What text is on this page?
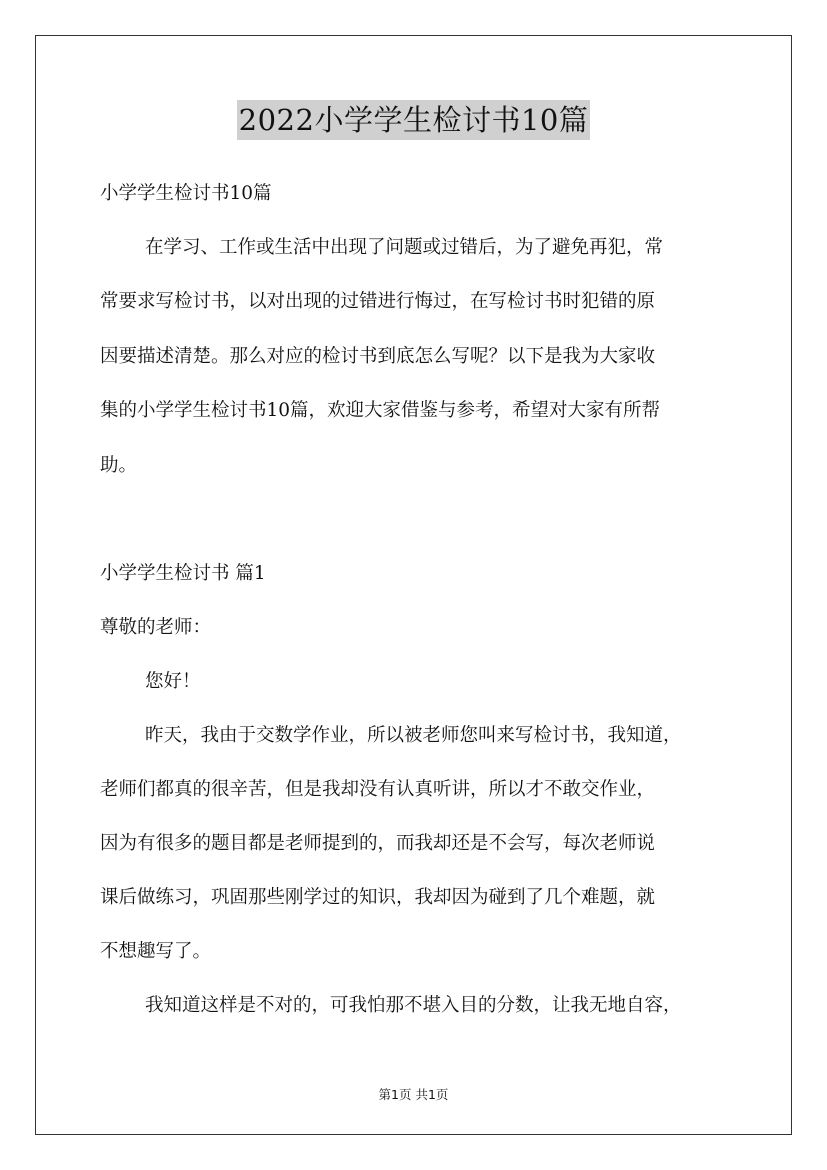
2022小学学生检讨书10篇
小学学生检讨书10篇
在学习、工作或生活中出现了问题或过错后，为了避免再犯，常
常要求写检讨书，以对出现的过错进行悔过，在写检讨书时犯错的原
因要描述清楚。那么对应的检讨书到底怎么写呢？以下是我为大家收
集的小学学生检讨书10篇，欢迎大家借鉴与参考，希望对大家有所帮
助。
小学学生检讨书 篇1
尊敬的老师：
您好！
昨天，我由于交数学作业，所以被老师您叫来写检讨书，我知道，
老师们都真的很辛苦，但是我却没有认真听讲，所以才不敢交作业，
因为有很多的题目都是老师提到的，而我却还是不会写，每次老师说
课后做练习，巩固那些刚学过的知识，我却因为碰到了几个难题，就
不想趣写了。
我知道这样是不对的，可我怕那不堪入目的分数，让我无地自容，
第1页 共1页
